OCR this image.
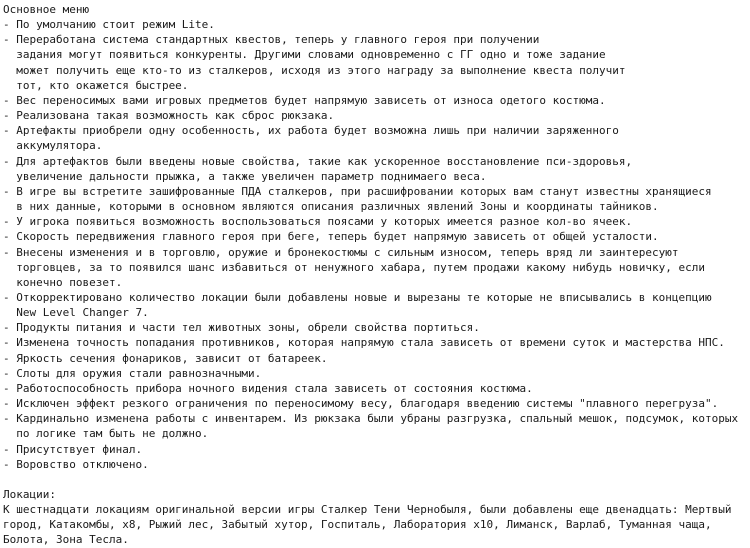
Основное меню
- По умолчанию стоит режим Lite.
- Переработана система стандартных квестов, теперь у главного героя при получении
задания могут появиться конкуренты. Другими словами одновременно с ГГ одно и тоже задание
может получить еще кто-то из сталкеров, исходя из этого награду за выполнение квеста получит
тот, кто окажется быстрее.
- Вес переносимых вами игровых предметов будет напрямую зависеть от износа одетого костюма.
- Реализована такая возможность как сброс рюкзака.
- Артефакты приобрели одну особенность, их работа будет возможна лишь при наличии заряженного
аккумулятора.
- Для артефактов были введены новые свойства, такие как ускоренное восстановление пси-здоровья,
увеличение дальности прыжка, а также увеличен параметр поднимаего веса.
- В игре вы встретите зашифрованные ПДА сталкеров, при расшифровании которых вам станут известны хранящиеся
в них данные, которыми в основном являются описания различных явлений Зоны и координаты тайников.
- У игрока появиться возможность воспользоваться поясами у которых имеется разное кол-во ячеек.
- Скорость передвижения главного героя при беге, теперь будет напрямую зависеть от общей усталости.
- Внесены изменения и в торговлю, оружие и бронекостюмы с сильным износом, теперь вряд ли заинтересуют
торговцев, за то появился шанс избавиться от ненужного хабара, путем продажи какому нибудь новичку, если
конечно повезет.
- Откорректировано количество локации были добавлены новые и вырезаны те которые не вписывались в концепцию
New Level Changer 7.
- Продукты питания и части тел животных зоны, обрели свойства портиться.
- Изменена точность попадания противников, которая напрямую стала зависеть от времени суток и мастерства НПС.
- Яркость сечения фонариков, зависит от батареек.
- Слоты для оружия стали равнозначными.
- Работоспособность прибора ночного видения стала зависеть от состояния костюма.
- Исключен эффект резкого ограничения по переносимому весу, благодаря введению системы "плавного перегруза".
- Кардинально изменена работы с инвентарем. Из рюкзака были убраны разгрузка, спальный мешок, подсумок, которых
по логике там быть не должно.
- Присутствует финал.
- Воровство отключено.
Локации:
К шестнадцати локациям оригинальной версии игры Сталкер Тени Чернобыля, были добавлены еще двенадцать: Мертвый
город, Катакомбы, x8, Рыжий лес, Забытый хутор, Госпиталь, Лаборатория x10, Лиманск, Варлаб, Туманная чаща,
Болота, Зона Тесла.
